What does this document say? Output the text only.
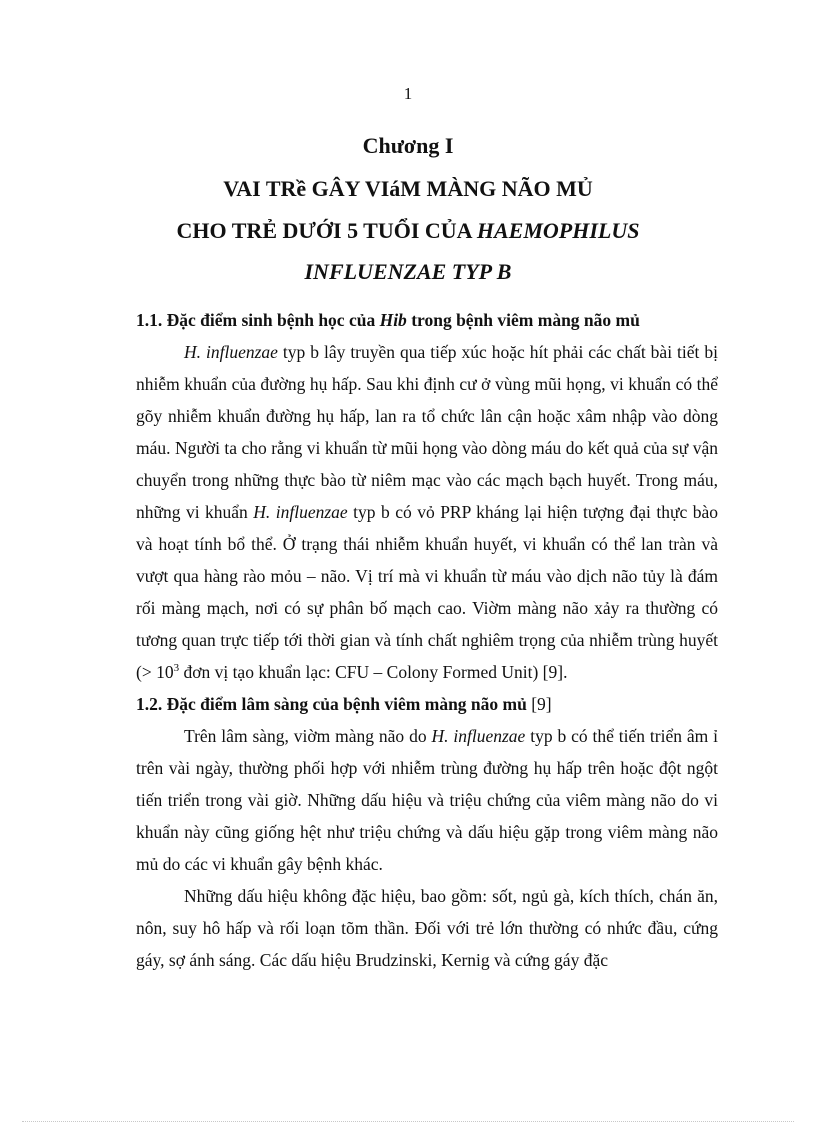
1
Chương I
VAI TRề GÂY VIáM MÀNG NÃO MỦ
CHO TRẺ DƯỚI 5 TUỔI CỦA HAEMOPHILUS
INFLUENZAE TYP B
1.1. Đặc điểm sinh bệnh học của Hib trong bệnh viêm màng não mủ

H. influenzae typ b lây truyền qua tiếp xúc hoặc hít phải các chất bài tiết bị nhiễm khuẩn của đường hụ hấp. Sau khi định cư ở vùng mũi họng, vi khuẩn có thể gõy nhiễm khuẩn đường hụ hấp, lan ra tổ chức lân cận hoặc xâm nhập vào dòng máu. Người ta cho rằng vi khuẩn từ mũi họng vào dòng máu do kết quả của sự vận chuyển trong những thực bào từ niêm mạc vào các mạch bạch huyết. Trong máu, những vi khuẩn H. influenzae typ b có vỏ PRP kháng lại hiện tượng đại thực bào và hoạt tính bổ thể. Ở trạng thái nhiễm khuẩn huyết, vi khuẩn có thể lan tràn và vượt qua hàng rào mỏu – não. Vị trí mà vi khuẩn từ máu vào dịch não tủy là đám rối màng mạch, nơi có sự phân bố mạch cao. Viờm màng não xảy ra thường có tương quan trực tiếp tới thời gian và tính chất nghiêm trọng của nhiễm trùng huyết (> $10^3$ đơn vị tạo khuẩn lạc: CFU – Colony Formed Unit) [9].

1.2. Đặc điểm lâm sàng của bệnh viêm màng não mủ [9]

Trên lâm sàng, viờm màng não do H. influenzae typ b có thể tiến triển âm ỉ trên vài ngày, thường phối hợp với nhiễm trùng đường hụ hấp trên hoặc đột ngột tiến triển trong vài giờ. Những dấu hiệu và triệu chứng của viêm màng não do vi khuẩn này cũng giống hệt như triệu chứng và dấu hiệu gặp trong viêm màng não mủ do các vi khuẩn gây bệnh khác.

Những dấu hiệu không đặc hiệu, bao gồm: sốt, ngủ gà, kích thích, chán ăn, nôn, suy hô hấp và rối loạn tõm thần. Đối với trẻ lớn thường có nhức đầu, cứng gáy, sợ ánh sáng. Các dấu hiệu Brudzinski, Kernig và cứng gáy đặc
